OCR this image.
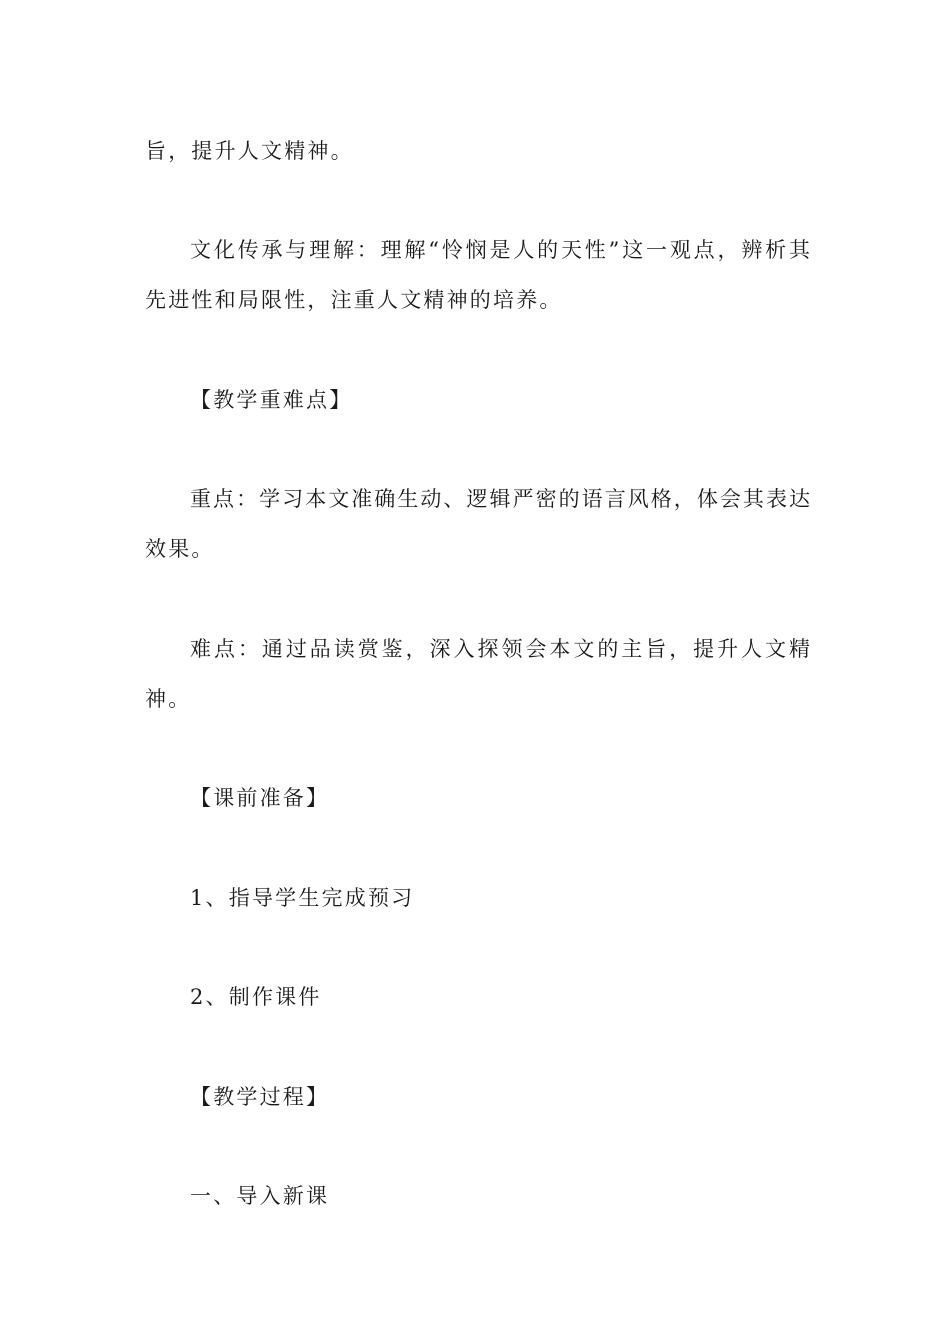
旨，提升人文精神。
文化传承与理解：理解“怜悯是人的天性”这一观点，辨析其
先进性和局限性，注重人文精神的培养。
【教学重难点】
重点：学习本文准确生动、逻辑严密的语言风格，体会其表达
效果。
难点：通过品读赏鉴，深入探领会本文的主旨，提升人文精
神。
【课前准备】
1、指导学生完成预习
2、制作课件
【教学过程】
一、导入新课
